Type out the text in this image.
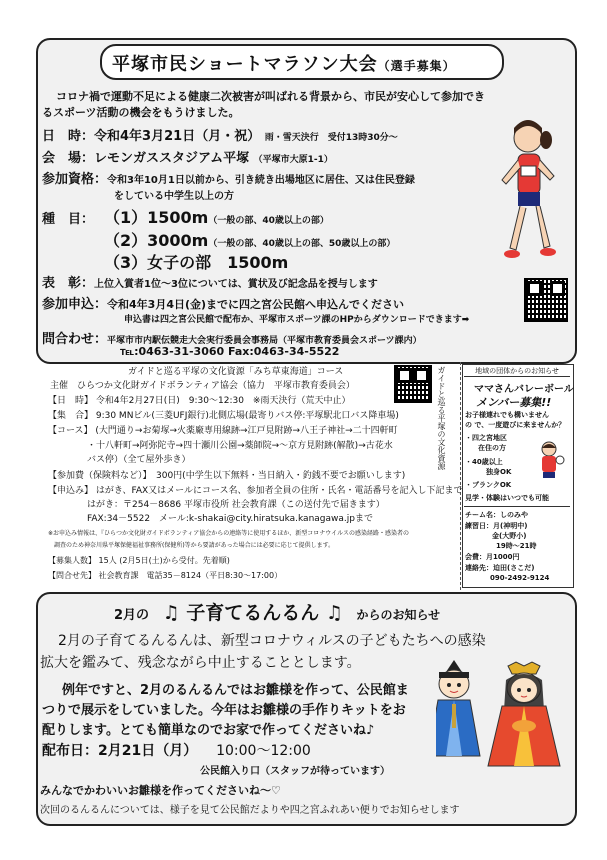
平塚市民ショートマラソン大会（選手募集）
コロナ禍で運動不足による健康二次被害が叫ばれる背景から、市民が安心して参加でき
るスポーツ活動の機会をもうけました。
日　時：令和4年3月21日（月・祝） 雨・雪天決行　受付13時30分～
会　場：レモンガススタジアム平塚 （平塚市大原1-1）
参加資格：令和3年10月1日以前から、引き続き出場地区に居住、又は住民登録
をしている中学生以上の方
種　目： （1）1500m（一般の部、40歳以上の部）
（2）3000m（一般の部、40歳以上の部、50歳以上の部）
（3）女子の部　1500m
表　彰：上位入賞者1位～3位については、賞状及び記念品を授与します
参加申込：令和4年3月4日(金)までに四之宮公民館へ申込んでください
申込書は四之宮公民館で配布か、平塚市スポーツ課のHPからダウンロードできます➡
問合わせ：平塚市市内駅伝競走大会実行委員会事務局（平塚市教育委員会スポーツ課内）
℡:0463-31-3060 Fax:0463-34-5522
ガイドと巡る平塚の文化資源「みち草東海道」コース
主催　ひらつか文化財ガイドボランティア協会（協力　平塚市教育委員会）	ガイドと巡る平塚の文化資源
【日　時】 令和4年2月27日(日)　9:30～12:30　※雨天決行（荒天中止）
【集　合】 9:30 MNビル(三菱UFJ銀行)北側広場(最寄りバス停:平塚駅北口バス降車場)
【コース】 (大門通り→お菊塚→火薬廠専用線跡→江戸見附跡→八王子神社→二十四軒町
　・十八軒町→阿弥陀寺→四十瀬川公園→薬師院→～京方見附跡(解散)→古花水
　バス停）（全て屋外歩き）
【参加費（保険料など）】　300円(中学生以下無料・当日納入・釣銭不要でお願いします)
【申込み】 はがき、FAX又はメールにコース名、参加者全員の住所・氏名・電話番号を記入し下記まで
　はがき：〒254－8686 平塚市役所 社会教育課（この送付先で届きます）
　FAX:34－5522　メール:k-shakai@city.hiratsuka.kanagawa.jpまで
※お申込み情報は、『ひらつか文化財ガイドボランティア協会からの連絡等に使用するほか、新型コロナウイルスの感染経路・感染者の
　調査のため神奈川県平塚保健福祉事務所(保健所)等から要請があった場合には必要に応じて提供します。
【募集人数】 15人 (2月5日(土)から受付。先着順)
【問合せ先】 社会教育課　電話35－8124（平日8:30～17:00）
地域の団体からのお知らせ
ママさんバレーボール
メンバー募集!!
お子様連れでも構いません
の で、一度遊びに来ませんか？
・四之宮地区
在住の方
・40歳以上
独身OK
・ブランクOK
見学・体験はいつでも可能
チーム名：しのみや
練習日：月(神明中)
金(大野小)
19時～21時
会費：月1000円
連絡先：迫田(さこだ)
090-2492-9124
2月の ♫ 子育てるんるん ♫ からのお知らせ
2月の子育てるんるんは、新型コロナウィルスの子どもたちへの感染
拡大を鑑みて、残念ながら中止することとします。
例年ですと、2月のるんるんではお雛様を作って、公民館ま
つりで展示をしていました。今年はお雛様の手作りキットをお
配りします。とても簡単なのでお家で作ってくださいね♪
配布日：2月21日（月） 10:00～12:00
公民館入り口（スタッフが待っています）
みんなでかわいいお雛様を作ってくださいね～♡
次回のるんるんについては、様子を見て公民館だよりや四之宮ふれあい便りでお知らせします
